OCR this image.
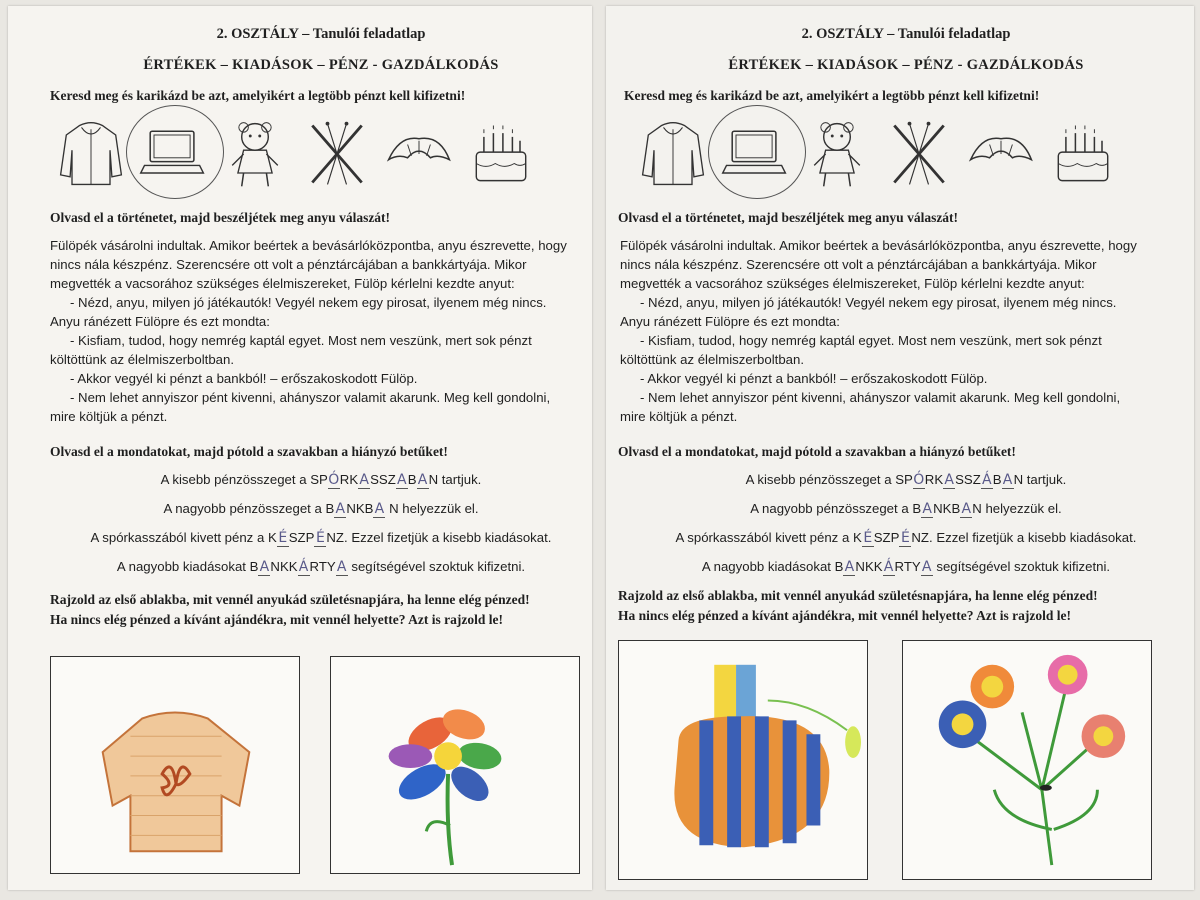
2. OSZTÁLY – Tanulói feladatlap
ÉRTÉKEK – KIADÁSOK – PÉNZ - GAZDÁLKODÁS
Keresd meg és karikázd be azt, amelyikért a legtöbb pénzt kell kifizetni!
Olvasd el a történetet, majd beszéljétek meg anyu válaszát!

Fülöpék vásárolni indultak. Amikor beértek a bevásárlóközpontba, anyu észrevette, hogy

nincs nála készpénz. Szerencsére ott volt a pénztárcájában a bankkártyája. Mikor

megvették a vacsorához szükséges élelmiszereket, Fülöp kérlelni kezdte anyut:

- Nézd, anyu, milyen jó játékautók! Vegyél nekem egy pirosat, ilyenem még nincs.

Anyu ránézett Fülöpre és ezt mondta:

- Kisfiam, tudod, hogy nemrég kaptál egyet. Most nem veszünk, mert sok pénzt

költöttünk az élelmiszerboltban.

- Akkor vegyél ki pénzt a bankból! – erőszakoskodott Fülöp.

- Nem lehet annyiszor pént kivenni, ahányszor valamit akarunk. Meg kell gondolni,

mire költjük a pénzt.

Olvasd el a mondatokat, majd pótold a szavakban a hiányzó betűket!
A kisebb pénzösszeget a SPÓRKASSZABAN tartjuk.
A nagyobb pénzösszeget a BANKBA N helyezzük el.
A spórkasszából kivett pénz a K É SZP É NZ. Ezzel fizetjük a kisebb kiadásokat.
A nagyobb kiadásokat BANKKÁRTYA segítségével szoktuk kifizetni.
Rajzold az első ablakba, mit vennél anyukád születésnapjára, ha lenne elég pénzed!
Ha nincs elég pénzed a kívánt ajándékra, mit vennél helyette? Azt is rajzold le!
2. OSZTÁLY – Tanulói feladatlap
ÉRTÉKEK – KIADÁSOK – PÉNZ - GAZDÁLKODÁS
Keresd meg és karikázd be azt, amelyikért a legtöbb pénzt kell kifizetni!
Olvasd el a történetet, majd beszéljétek meg anyu válaszát!

Fülöpék vásárolni indultak. Amikor beértek a bevásárlóközpontba, anyu észrevette, hogy

nincs nála készpénz. Szerencsére ott volt a pénztárcájában a bankkártyája. Mikor

megvették a vacsorához szükséges élelmiszereket, Fülöp kérlelni kezdte anyut:

- Nézd, anyu, milyen jó játékautók! Vegyél nekem egy pirosat, ilyenem még nincs.

Anyu ránézett Fülöpre és ezt mondta:

- Kisfiam, tudod, hogy nemrég kaptál egyet. Most nem veszünk, mert sok pénzt

költöttünk az élelmiszerboltban.

- Akkor vegyél ki pénzt a bankból! – erőszakoskodott Fülöp.

- Nem lehet annyiszor pént kivenni, ahányszor valamit akarunk. Meg kell gondolni,

mire költjük a pénzt.

Olvasd el a mondatokat, majd pótold a szavakban a hiányzó betűket!
A kisebb pénzösszeget a SPÓRKASSZÁBAN tartjuk.
A nagyobb pénzösszeget a BANKBAN helyezzük el.
A spórkasszából kivett pénz a K É SZP É NZ. Ezzel fizetjük a kisebb kiadásokat.
A nagyobb kiadásokat BANKKÁRTYA segítségével szoktuk kifizetni.
Rajzold az első ablakba, mit vennél anyukád születésnapjára, ha lenne elég pénzed!
Ha nincs elég pénzed a kívánt ajándékra, mit vennél helyette? Azt is rajzold le!
